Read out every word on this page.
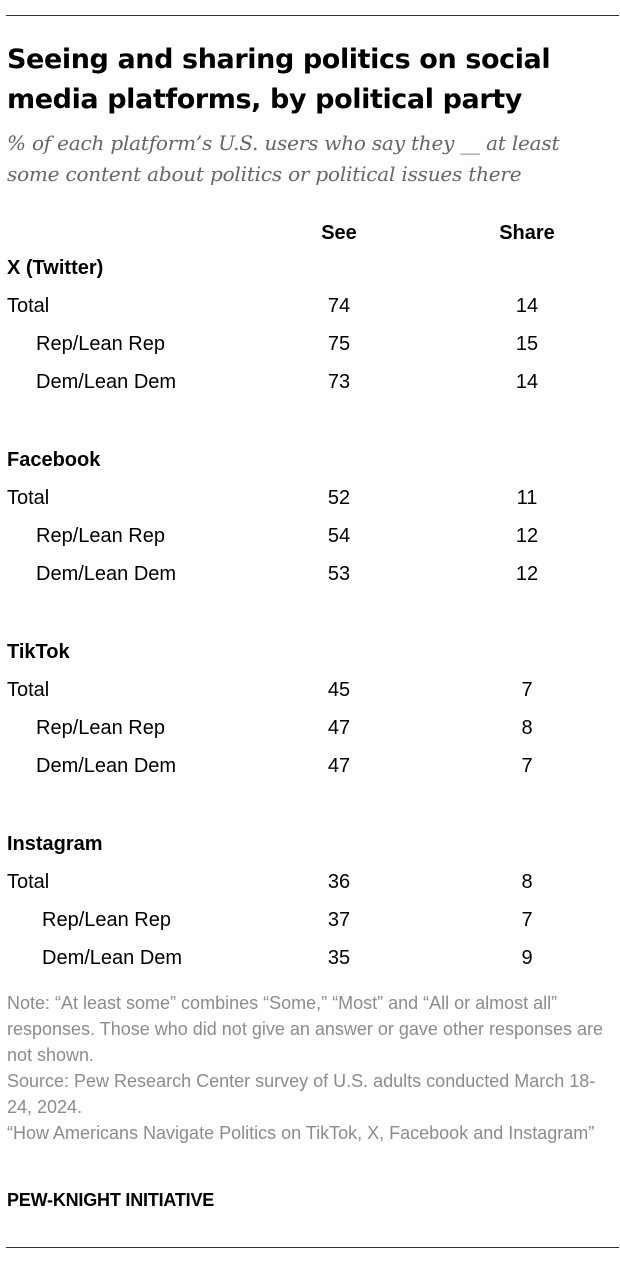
Seeing and sharing politics on social media platforms, by political party

% of each platform’s U.S. users who say they __ at least some content about politics or political issues there

See	Share
X (Twitter)
Total	74	14
Rep/Lean Rep	75	15
Dem/Lean Dem	73	14
Facebook
Total	52	11
Rep/Lean Rep	54	12
Dem/Lean Dem	53	12
TikTok
Total	45	7
Rep/Lean Rep	47	8
Dem/Lean Dem	47	7
Instagram
Total	36	8
Rep/Lean Rep	37	7
Dem/Lean Dem	35	9
Note: “At least some” combines “Some,” “Most” and “All or almost all” responses. Those who did not give an answer or gave other responses are not shown.
Source: Pew Research Center survey of U.S. adults conducted March 18-24, 2024.
“How Americans Navigate Politics on TikTok, X, Facebook and Instagram”
PEW-KNIGHT INITIATIVE
